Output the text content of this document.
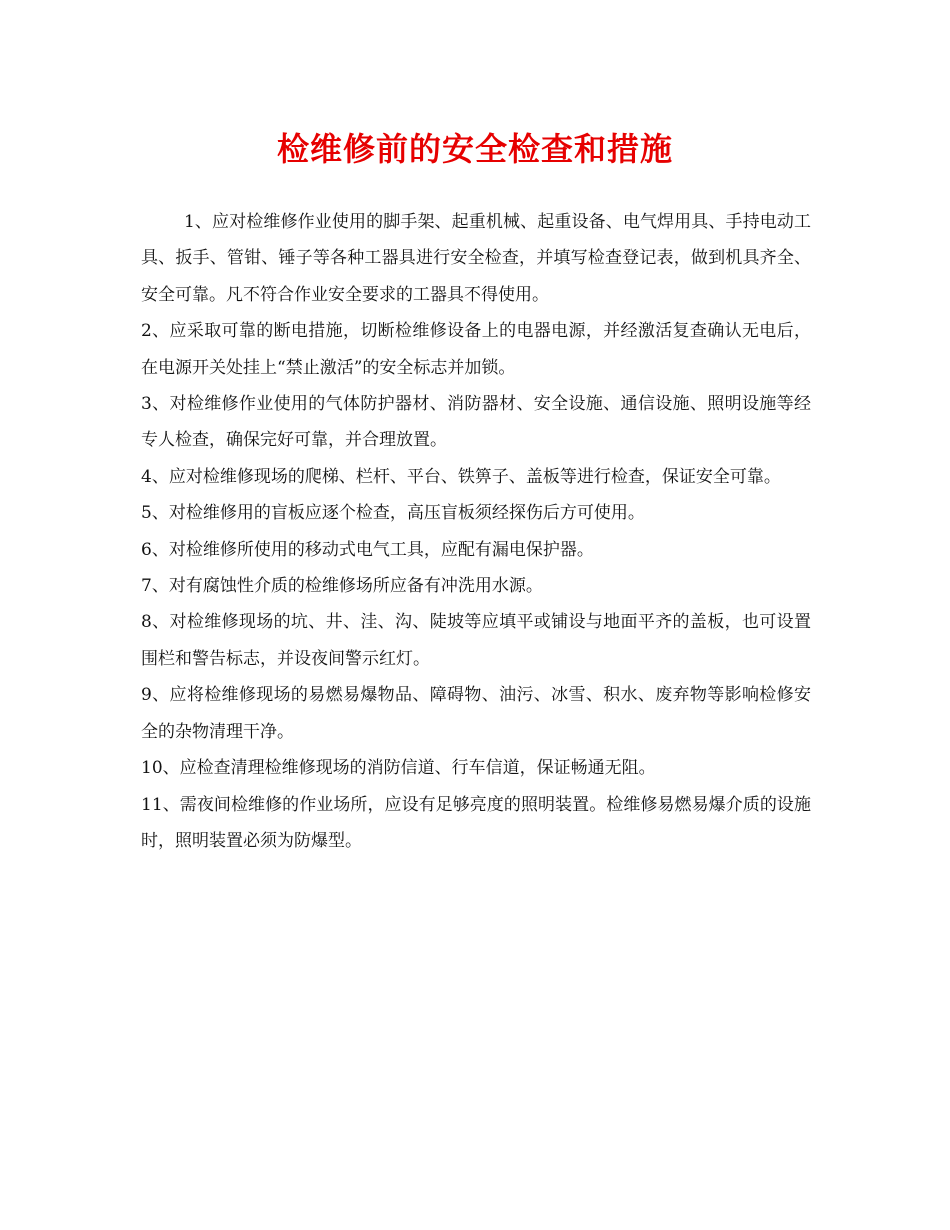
检维修前的安全检查和措施

1、应对检维修作业使用的脚手架、起重机械、起重设备、电气焊用具、手持电动工具、扳手、管钳、锤子等各种工器具进行安全检查，并填写检查登记表，做到机具齐全、安全可靠。凡不符合作业安全要求的工器具不得使用。

2、应采取可靠的断电措施，切断检维修设备上的电器电源，并经激活复查确认无电后，在电源开关处挂上“禁止激活”的安全标志并加锁。

3、对检维修作业使用的气体防护器材、消防器材、安全设施、通信设施、照明设施等经专人检查，确保完好可靠，并合理放置。

4、应对检维修现场的爬梯、栏杆、平台、铁箅子、盖板等进行检查，保证安全可靠。

5、对检维修用的盲板应逐个检查，高压盲板须经探伤后方可使用。

6、对检维修所使用的移动式电气工具，应配有漏电保护器。

7、对有腐蚀性介质的检维修场所应备有冲洗用水源。

8、对检维修现场的坑、井、洼、沟、陡坡等应填平或铺设与地面平齐的盖板，也可设置围栏和警告标志，并设夜间警示红灯。

9、应将检维修现场的易燃易爆物品、障碍物、油污、冰雪、积水、废弃物等影响检修安全的杂物清理干净。

10、应检查清理检维修现场的消防信道、行车信道，保证畅通无阻。

11、需夜间检维修的作业场所，应设有足够亮度的照明装置。检维修易燃易爆介质的设施时，照明装置必须为防爆型。
